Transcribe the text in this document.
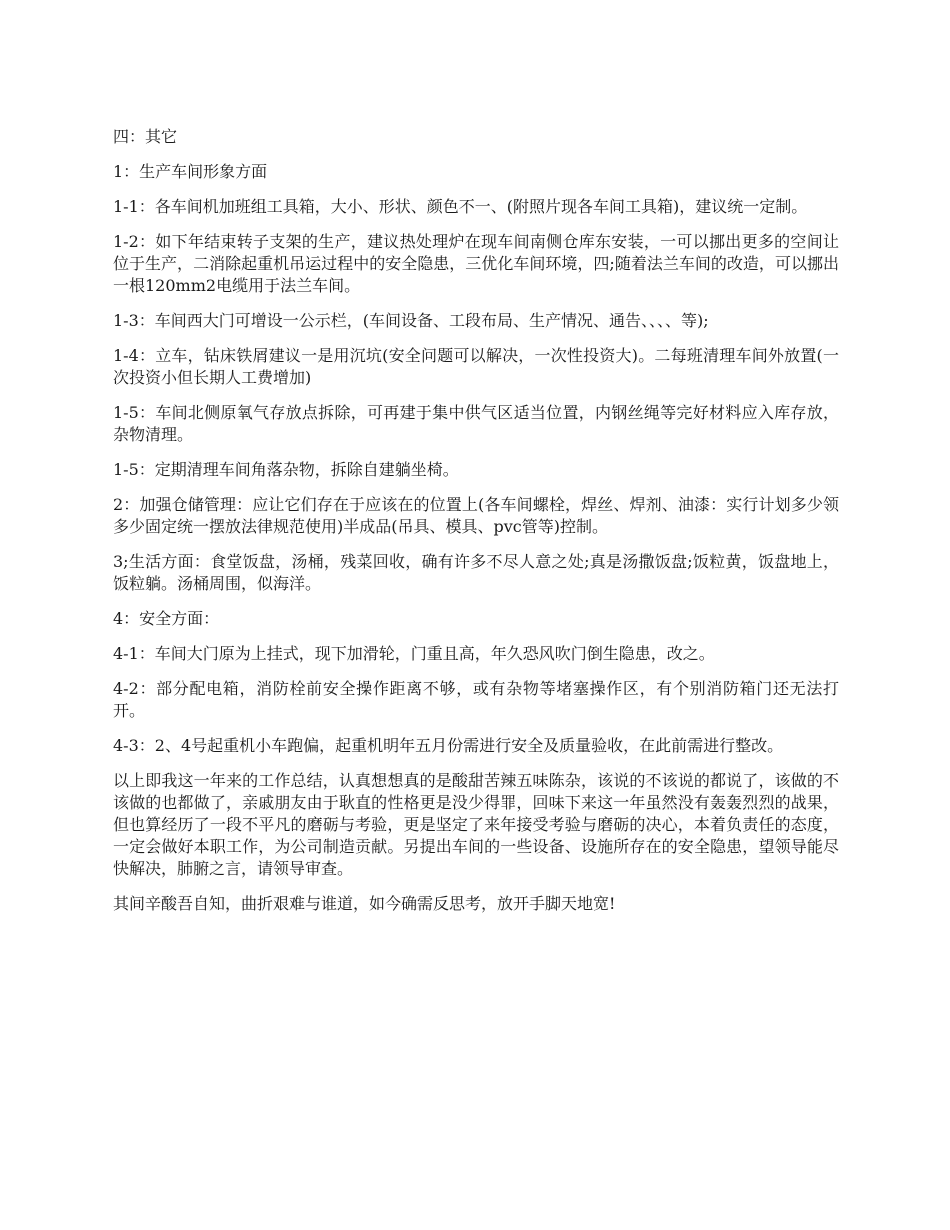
四：其它

1：生产车间形象方面

1-1：各车间机加班组工具箱，大小、形状、颜色不一、(附照片现各车间工具箱)，建议统一定制。

1-2：如下年结束转子支架的生产，建议热处理炉在现车间南侧仓库东安装，一可以挪出更多的空间让位于生产，二消除起重机吊运过程中的安全隐患，三优化车间环境，四;随着法兰车间的改造，可以挪出一根120mm2电缆用于法兰车间。

1-3：车间西大门可增设一公示栏，(车间设备、工段布局、生产情况、通告、、、、等);

1-4：立车，钻床铁屑建议一是用沉坑(安全问题可以解决，一次性投资大)。二每班清理车间外放置(一次投资小但长期人工费增加)

1-5：车间北侧原氧气存放点拆除，可再建于集中供气区适当位置，内钢丝绳等完好材料应入库存放，杂物清理。

1-5：定期清理车间角落杂物，拆除自建躺坐椅。

2：加强仓储管理：应让它们存在于应该在的位置上(各车间螺栓，焊丝、焊剂、油漆：实行计划多少领多少固定统一摆放法律规范使用)半成品(吊具、模具、pvc管等)控制。

3;生活方面：食堂饭盘，汤桶，残菜回收，确有许多不尽人意之处;真是汤撒饭盘;饭粒黄，饭盘地上，饭粒躺。汤桶周围，似海洋。

4：安全方面：

4-1：车间大门原为上挂式，现下加滑轮，门重且高，年久恐风吹门倒生隐患，改之。

4-2：部分配电箱，消防栓前安全操作距离不够，或有杂物等堵塞操作区，有个别消防箱门还无法打开。

4-3：2、4号起重机小车跑偏，起重机明年五月份需进行安全及质量验收，在此前需进行整改。

以上即我这一年来的工作总结，认真想想真的是酸甜苦辣五味陈杂，该说的不该说的都说了，该做的不该做的也都做了，亲戚朋友由于耿直的性格更是没少得罪，回味下来这一年虽然没有轰轰烈烈的战果，但也算经历了一段不平凡的磨砺与考验，更是坚定了来年接受考验与磨砺的决心，本着负责任的态度，一定会做好本职工作，为公司制造贡献。另提出车间的一些设备、设施所存在的安全隐患，望领导能尽快解决，肺腑之言，请领导审查。

其间辛酸吾自知，曲折艰难与谁道，如今确需反思考，放开手脚天地宽!
